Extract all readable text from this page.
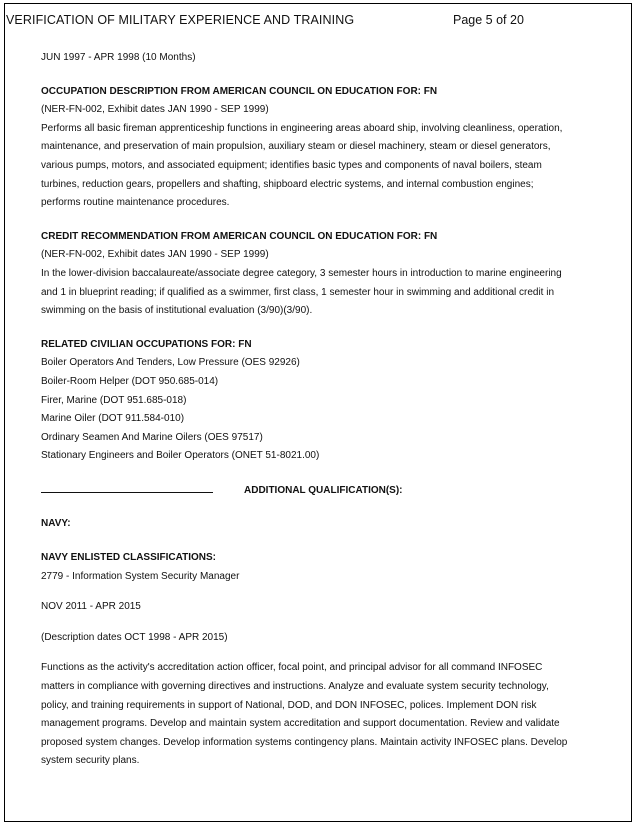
VERIFICATION OF MILITARY EXPERIENCE AND TRAINING	Page 5 of 20

JUN 1997 - APR 1998 (10 Months)

OCCUPATION DESCRIPTION FROM AMERICAN COUNCIL ON EDUCATION FOR: FN

(NER-FN-002, Exhibit dates JAN 1990 - SEP 1999)

Performs all basic fireman apprenticeship functions in engineering areas aboard ship, involving cleanliness, operation,

maintenance, and preservation of main propulsion, auxiliary steam or diesel machinery, steam or diesel generators,

various pumps, motors, and associated equipment; identifies basic types and components of naval boilers, steam

turbines, reduction gears, propellers and shafting, shipboard electric systems, and internal combustion engines;

performs routine maintenance procedures.

CREDIT RECOMMENDATION FROM AMERICAN COUNCIL ON EDUCATION FOR: FN

(NER-FN-002, Exhibit dates JAN 1990 - SEP 1999)

In the lower-division baccalaureate/associate degree category, 3 semester hours in introduction to marine engineering

and 1 in blueprint reading; if qualified as a swimmer, first class, 1 semester hour in swimming and additional credit in

swimming on the basis of institutional evaluation (3/90)(3/90).

RELATED CIVILIAN OCCUPATIONS FOR: FN

Boiler Operators And Tenders, Low Pressure (OES 92926)

Boiler-Room Helper (DOT 950.685-014)

Firer, Marine (DOT 951.685-018)

Marine Oiler (DOT 911.584-010)

Ordinary Seamen And Marine Oilers (OES 97517)

Stationary Engineers and Boiler Operators (ONET 51-8021.00)

ADDITIONAL QUALIFICATION(S):

NAVY:

NAVY ENLISTED CLASSIFICATIONS:

2779 - Information System Security Manager

NOV 2011 - APR 2015

(Description dates OCT 1998 - APR 2015)

Functions as the activity's accreditation action officer, focal point, and principal advisor for all command INFOSEC

matters in compliance with governing directives and instructions. Analyze and evaluate system security technology,

policy, and training requirements in support of National, DOD, and DON INFOSEC, polices. Implement DON risk

management programs. Develop and maintain system accreditation and support documentation. Review and validate

proposed system changes. Develop information systems contingency plans. Maintain activity INFOSEC plans. Develop

system security plans.
